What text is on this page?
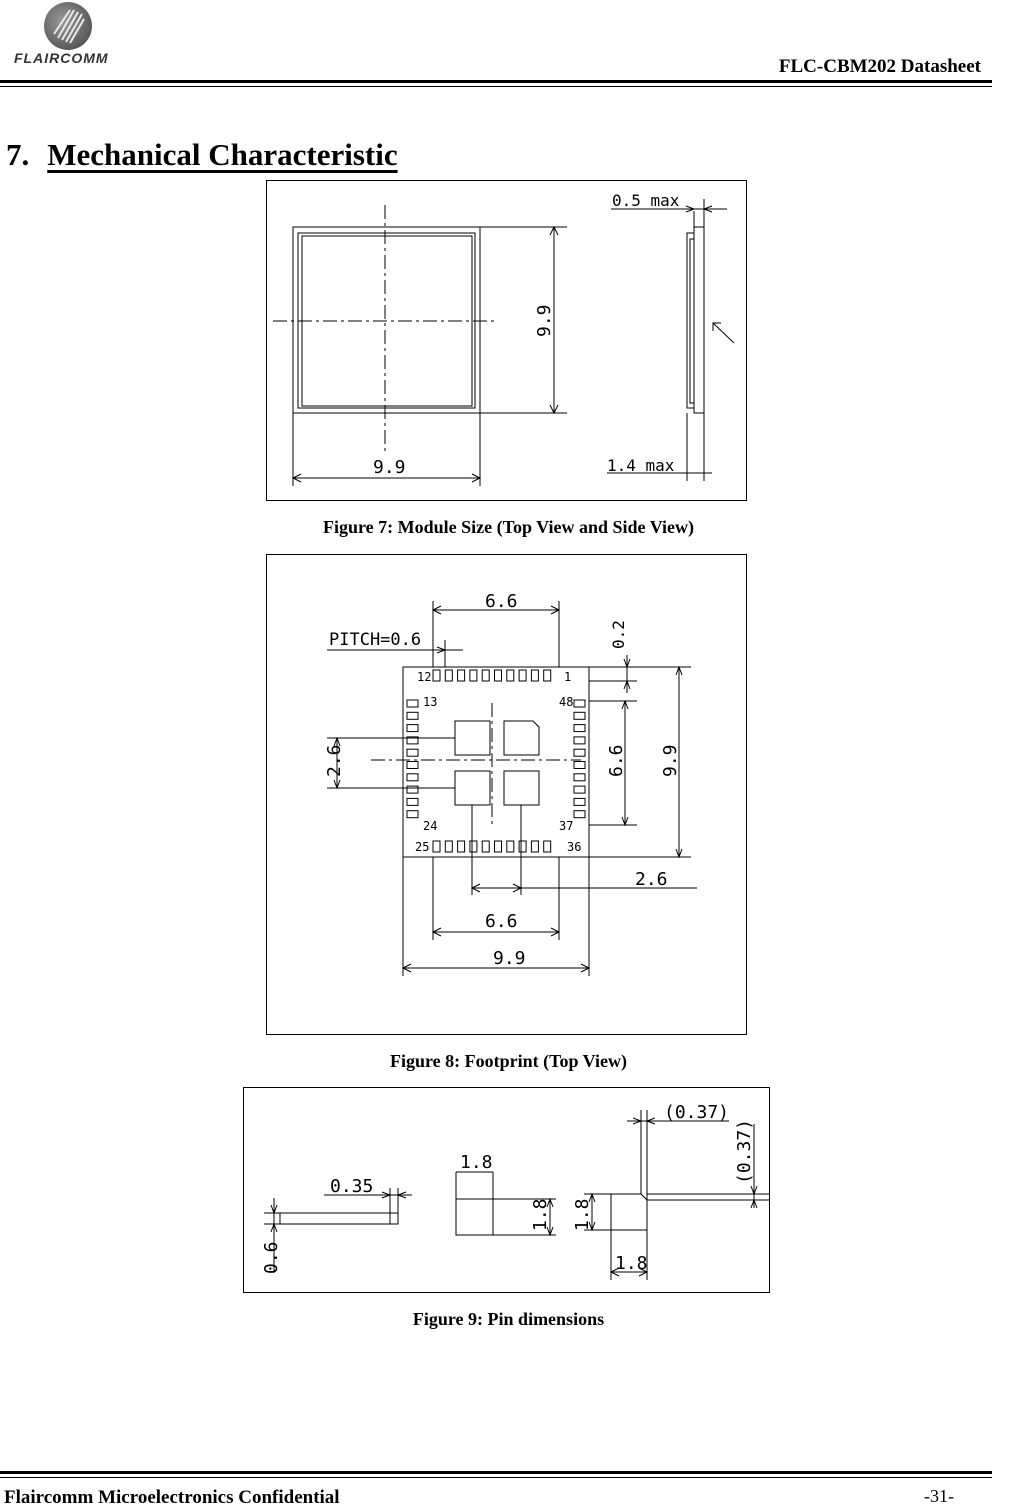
FLAIRCOMM	FLC-CBM202 Datasheet
7. Mechanical Characteristic
0.5 max
1.4 max
9.9
9.9
Figure 7: Module Size (Top View and Side View)
6.6
PITCH=0.6	0.2
2.6	6.6 9.9
2.6
6.6
9.9
12	1
13	48
24	37
25	36
Figure 8: Footprint (Top View)
0.35
0.6
1.8
1.8 1.8
1.8
(0.37)
(0.37)
Figure 9: Pin dimensions
Flaircomm Microelectronics Confidential	-31-
